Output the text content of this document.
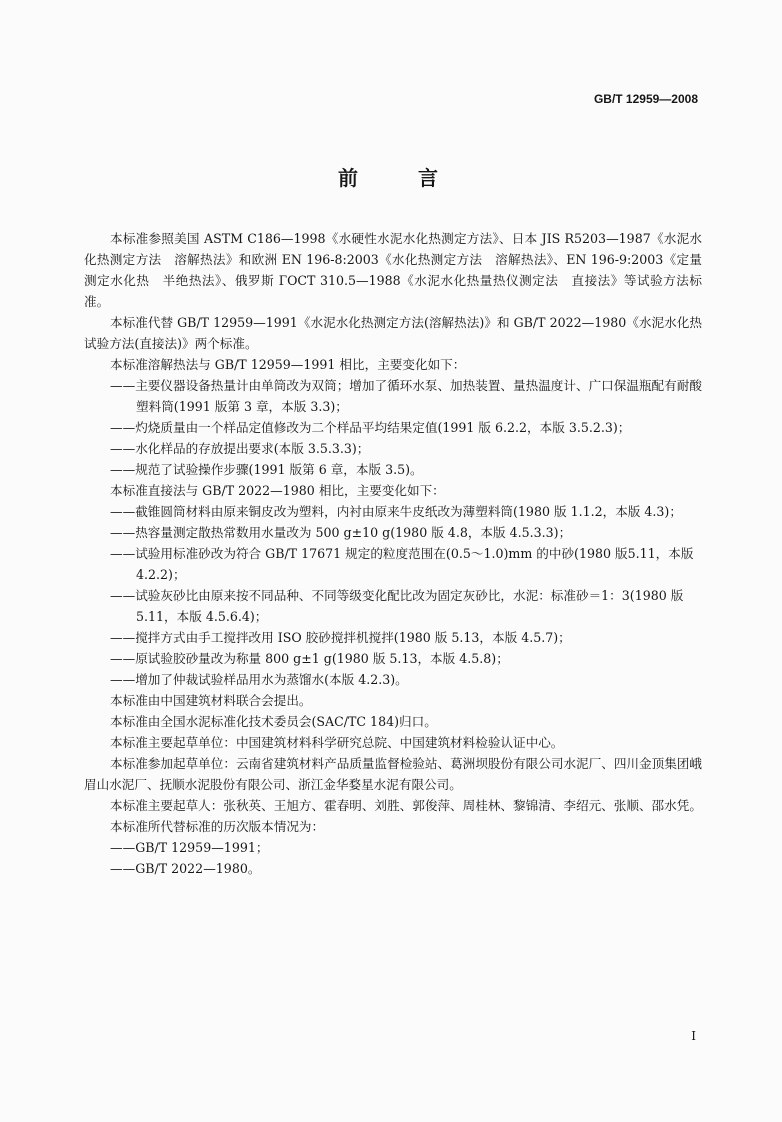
GB/T 12959—2008
前　言
本标准参照美国 ASTM C186—1998《水硬性水泥水化热测定方法》、日本 JIS R5203—1987《水泥水化热测定方法　溶解热法》和欧洲 EN 196-8:2003《水化热测定方法　溶解热法》、EN 196-9:2003《定量测定水化热　半绝热法》、俄罗斯 ГОСТ 310.5—1988《水泥水化热量热仪测定法　直接法》等试验方法标准。
本标准代替 GB/T 12959—1991《水泥水化热测定方法(溶解热法)》和 GB/T 2022—1980《水泥水化热试验方法(直接法)》两个标准。
本标准溶解热法与 GB/T 12959—1991 相比，主要变化如下：
——主要仪器设备热量计由单筒改为双筒；增加了循环水泵、加热装置、量热温度计、广口保温瓶配有耐酸塑料筒(1991 版第 3 章，本版 3.3)；
——灼烧质量由一个样品定值修改为二个样品平均结果定值(1991 版 6.2.2，本版 3.5.2.3)；
——水化样品的存放提出要求(本版 3.5.3.3)；
——规范了试验操作步骤(1991 版第 6 章，本版 3.5)。
本标准直接法与 GB/T 2022—1980 相比，主要变化如下：
——截锥圆筒材料由原来铜皮改为塑料，内衬由原来牛皮纸改为薄塑料筒(1980 版 1.1.2，本版 4.3)；
——热容量测定散热常数用水量改为 500 g±10 g(1980 版 4.8，本版 4.5.3.3)；
——试验用标准砂改为符合 GB/T 17671 规定的粒度范围在(0.5～1.0)mm 的中砂(1980 版5.11，本版 4.2.2)；
——试验灰砂比由原来按不同品种、不同等级变化配比改为固定灰砂比，水泥：标准砂＝1：3(1980 版 5.11，本版 4.5.6.4)；
——搅拌方式由手工搅拌改用 ISO 胶砂搅拌机搅拌(1980 版 5.13，本版 4.5.7)；
——原试验胶砂量改为称量 800 g±1 g(1980 版 5.13，本版 4.5.8)；
——增加了仲裁试验样品用水为蒸馏水(本版 4.2.3)。
本标准由中国建筑材料联合会提出。
本标准由全国水泥标准化技术委员会(SAC/TC 184)归口。
本标准主要起草单位：中国建筑材料科学研究总院、中国建筑材料检验认证中心。
本标准参加起草单位：云南省建筑材料产品质量监督检验站、葛洲坝股份有限公司水泥厂、四川金顶集团峨眉山水泥厂、抚顺水泥股份有限公司、浙江金华婺星水泥有限公司。
本标准主要起草人：张秋英、王旭方、霍春明、刘胜、郭俊萍、周桂林、黎锦清、李绍元、张顺、邵水凭。
本标准所代替标准的历次版本情况为：
——GB/T 12959—1991；
——GB/T 2022—1980。
I
